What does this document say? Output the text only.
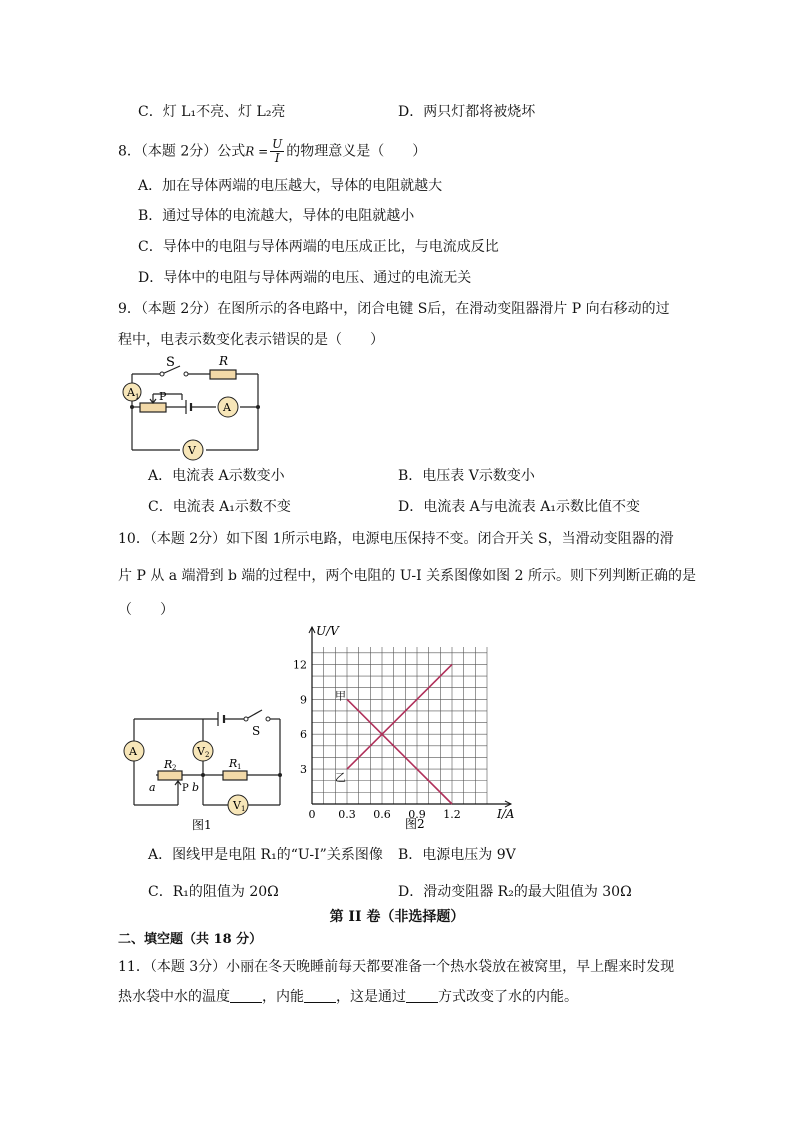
C．灯 L₁不亮、灯 L₂亮	D．两只灯都将被烧坏
8．（本题 2分）公式$R = \frac{U}{I}$ 的物理意义是（　　）
A．加在导体两端的电压越大，导体的电阻就越大
B．通过导体的电流越大，导体的电阻就越小
C．导体中的电阻与导体两端的电压成正比，与电流成反比
D．导体中的电阻与导体两端的电压、通过的电流无关
9．（本题 2分）在图所示的各电路中，闭合电键 S后，在滑动变阻器滑片 P 向右移动的过
程中，电表示数变化表示错误的是（　　）
S	R
A 1 P
A
V
A．电流表 A示数变小	B．电压表 V示数变小
C．电流表 A₁示数不变	D．电流表 A与电流表 A₁示数比值不变
10．（本题 2分）如下图 1所示电路，电源电压保持不变。闭合开关 S，当滑动变阻器的滑
片 P 从 a 端滑到 b 端的过程中，两个电阻的 U-I 关系图像如图 2 所示。则下列判断正确的是
（　　）
A	V 2
S
R 2	R 1
a	P b
V 1
图1
0 0.3 0.6 0.9 1.2
3
6
9
12
U/V
I/A
甲
乙
图2
A．图线甲是电阻 R₁的“U-I”关系图像 B．电源电压为 9V
C．R₁的阻值为 20Ω	D．滑动变阻器 R₂的最大阻值为 30Ω
第 II 卷（非选择题）
二、填空题（共 18 分）
11．（本题 3分）小丽在冬天晚睡前每天都要准备一个热水袋放在被窝里，早上醒来时发现
热水袋中水的温度 ，内能 ，这是通过 方式改变了水的内能。
